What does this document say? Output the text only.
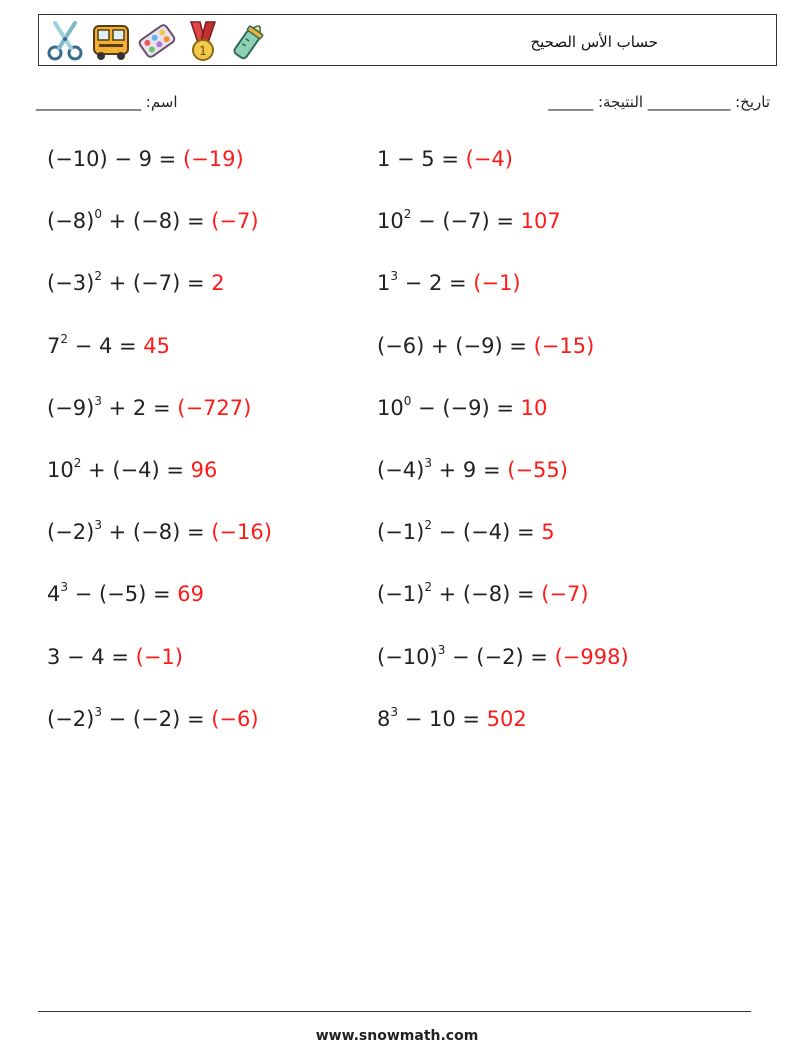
1	حساب الأس الصحيح
______________ :اسم	______ :تاريخ: ___________ النتيجة
(−10) − 9 = (−19)	1 − 5 = (−4)
$(-8)^0 + (-8) = (-7)$	$10^2 - (-7) = 107$
$(-3)^2 + (-7) = 2$	$1^3 - 2 = (-1)$
$7^2 - 4 = 45$	(−6) + (−9) = (−15)
$(-9)^3 + 2 = (-727)$	$10^0 - (-9) = 10$
$10^2 + (-4) = 96$	$(-4)^3 + 9 = (-55)$
$(-2)^3 + (-8) = (-16)$	$(-1)^2 - (-4) = 5$
$4^3 - (-5) = 69$	$(-1)^2 + (-8) = (-7)$
3 − 4 = (−1)	$(-10)^3 - (-2) = (-998)$
$(-2)^3 - (-2) = (-6)$	$8^3 - 10 = 502$
www.snowmath.com
